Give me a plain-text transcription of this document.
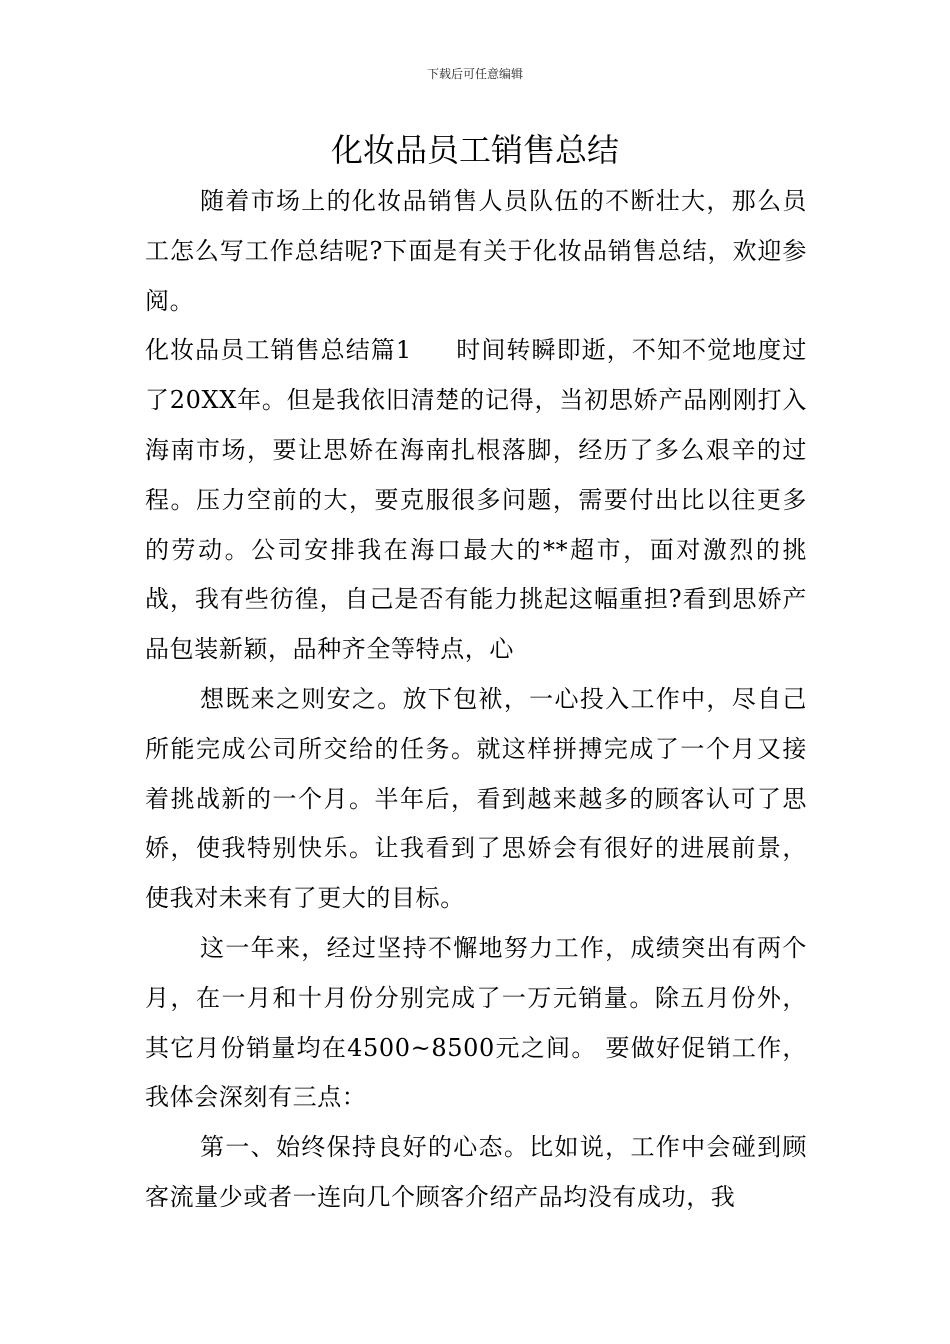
下载后可任意编辑
化妆品员工销售总结

随着市场上的化妆品销售人员队伍的不断壮大，那么员工怎么写工作总结呢?下面是有关于化妆品销售总结，欢迎参阅。

化妆品员工销售总结篇1 时间转瞬即逝，不知不觉地度过了20XX年。但是我依旧清楚的记得，当初思娇产品刚刚打入海南市场，要让思娇在海南扎根落脚，经历了多么艰辛的过程。压力空前的大，要克服很多问题，需要付出比以往更多的劳动。公司安排我在海口最大的**超市，面对激烈的挑战，我有些彷徨，自己是否有能力挑起这幅重担?看到思娇产品包装新颖，品种齐全等特点，心

想既来之则安之。放下包袱，一心投入工作中，尽自己所能完成公司所交给的任务。就这样拼搏完成了一个月又接着挑战新的一个月。半年后，看到越来越多的顾客认可了思娇，使我特别快乐。让我看到了思娇会有很好的进展前景，使我对未来有了更大的目标。

这一年来，经过坚持不懈地努力工作，成绩突出有两个月，在一月和十月份分别完成了一万元销量。除五月份外，其它月份销量均在4500~8500元之间。 要做好促销工作，我体会深刻有三点：

第一、始终保持良好的心态。比如说，工作中会碰到顾客流量少或者一连向几个顾客介绍产品均没有成功，我
